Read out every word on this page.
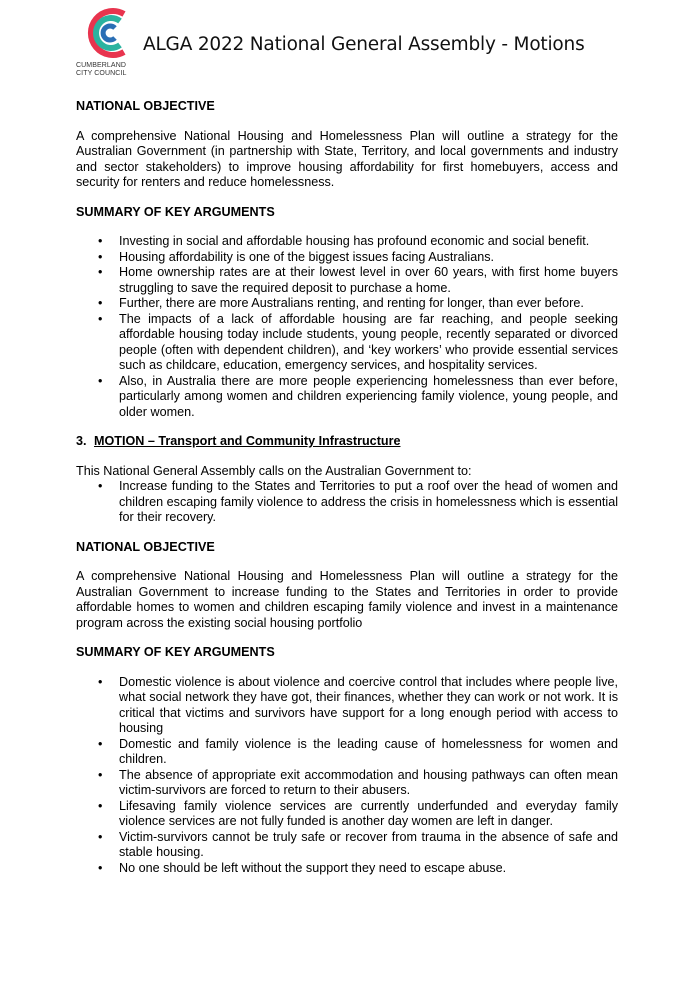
CUMBERLAND
CITY COUNCIL
ALGA 2022 National General Assembly - Motions

NATIONAL OBJECTIVE

A comprehensive National Housing and Homelessness Plan will outline a strategy for the Australian Government (in partnership with State, Territory, and local governments and industry and sector stakeholders) to improve housing affordability for first homebuyers, access and security for renters and reduce homelessness.

SUMMARY OF KEY ARGUMENTS

• Investing in social and affordable housing has profound economic and social benefit.
• Housing affordability is one of the biggest issues facing Australians.
• Home ownership rates are at their lowest level in over 60 years, with first home buyers struggling to save the required deposit to purchase a home.
• Further, there are more Australians renting, and renting for longer, than ever before.
• The impacts of a lack of affordable housing are far reaching, and people seeking affordable housing today include students, young people, recently separated or divorced people (often with dependent children), and ‘key workers’ who provide essential services such as childcare, education, emergency services, and hospitality services.
• Also, in Australia there are more people experiencing homelessness than ever before, particularly among women and children experiencing family violence, young people, and older women.

3. MOTION – Transport and Community Infrastructure

This National General Assembly calls on the Australian Government to:

• Increase funding to the States and Territories to put a roof over the head of women and children escaping family violence to address the crisis in homelessness which is essential for their recovery.

NATIONAL OBJECTIVE

A comprehensive National Housing and Homelessness Plan will outline a strategy for the Australian Government to increase funding to the States and Territories in order to provide affordable homes to women and children escaping family violence and invest in a maintenance program across the existing social housing portfolio

SUMMARY OF KEY ARGUMENTS

• Domestic violence is about violence and coercive control that includes where people live, what social network they have got, their finances, whether they can work or not work. It is critical that victims and survivors have support for a long enough period with access to housing
• Domestic and family violence is the leading cause of homelessness for women and children.
• The absence of appropriate exit accommodation and housing pathways can often mean victim-survivors are forced to return to their abusers.
• Lifesaving family violence services are currently underfunded and everyday family violence services are not fully funded is another day women are left in danger.
• Victim-survivors cannot be truly safe or recover from trauma in the absence of safe and stable housing.
• No one should be left without the support they need to escape abuse.
